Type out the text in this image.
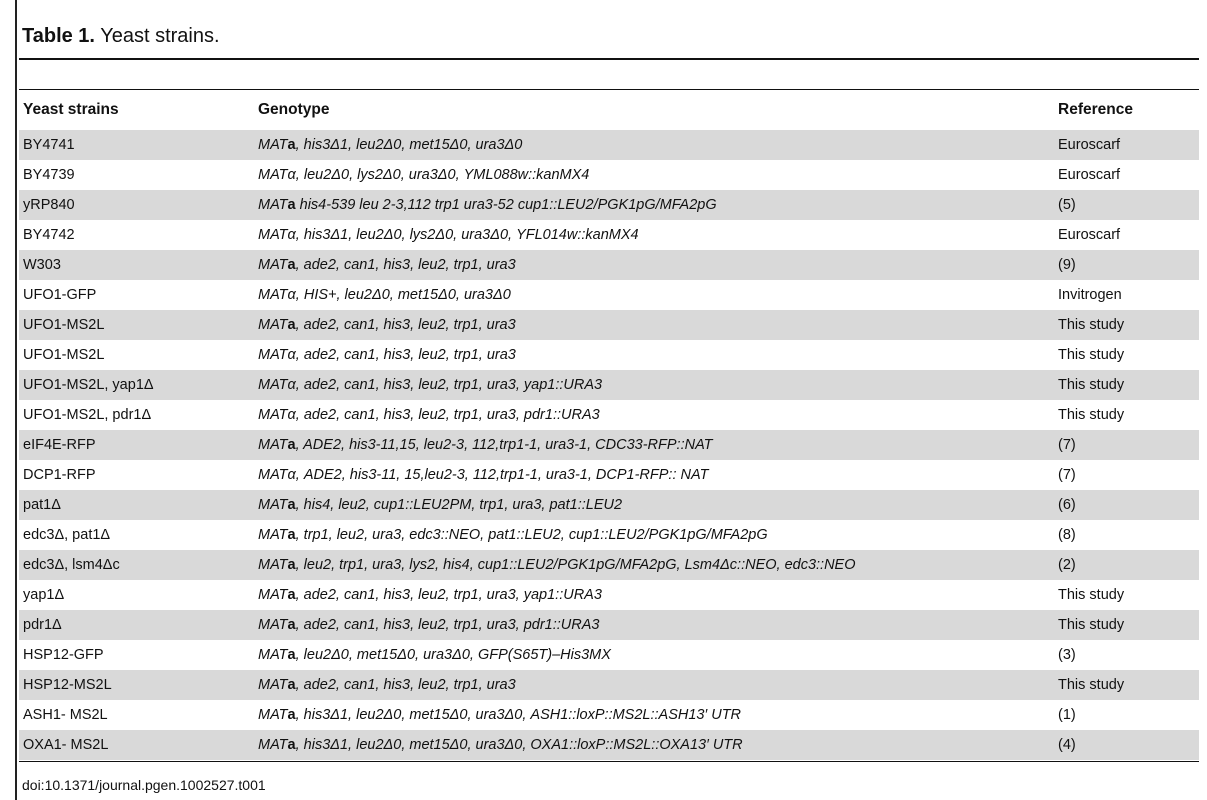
Table 1. Yeast strains.
Yeast strains	Genotype	Reference
BY4741	MATa, his3Δ1, leu2Δ0, met15Δ0, ura3Δ0	Euroscarf
BY4739	MATα, leu2Δ0, lys2Δ0, ura3Δ0, YML088w::kanMX4	Euroscarf
yRP840	MATa his4-539 leu 2-3,112 trp1 ura3-52 cup1::LEU2/PGK1pG/MFA2pG	(5)
BY4742	MATα, his3Δ1, leu2Δ0, lys2Δ0, ura3Δ0, YFL014w::kanMX4	Euroscarf
W303	MATa, ade2, can1, his3, leu2, trp1, ura3	(9)
UFO1-GFP	MATα, HIS+, leu2Δ0, met15Δ0, ura3Δ0	Invitrogen
UFO1-MS2L	MATa, ade2, can1, his3, leu2, trp1, ura3	This study
UFO1-MS2L	MATα, ade2, can1, his3, leu2, trp1, ura3	This study
UFO1-MS2L, yap1Δ	MATα, ade2, can1, his3, leu2, trp1, ura3, yap1::URA3	This study
UFO1-MS2L, pdr1Δ	MATα, ade2, can1, his3, leu2, trp1, ura3, pdr1::URA3	This study
eIF4E-RFP	MATa, ADE2, his3-11,15, leu2-3, 112,trp1-1, ura3-1, CDC33-RFP::NAT	(7)
DCP1-RFP	MATα, ADE2, his3-11, 15,leu2-3, 112,trp1-1, ura3-1, DCP1-RFP:: NAT	(7)
pat1Δ	MATa, his4, leu2, cup1::LEU2PM, trp1, ura3, pat1::LEU2	(6)
edc3Δ, pat1Δ	MATa, trp1, leu2, ura3, edc3::NEO, pat1::LEU2, cup1::LEU2/PGK1pG/MFA2pG	(8)
edc3Δ, lsm4Δc	MATa, leu2, trp1, ura3, lys2, his4, cup1::LEU2/PGK1pG/MFA2pG, Lsm4Δc::NEO, edc3::NEO	(2)
yap1Δ	MATa, ade2, can1, his3, leu2, trp1, ura3, yap1::URA3	This study
pdr1Δ	MATa, ade2, can1, his3, leu2, trp1, ura3, pdr1::URA3	This study
HSP12-GFP	MATa, leu2Δ0, met15Δ0, ura3Δ0, GFP(S65T)–His3MX	(3)
HSP12-MS2L	MATa, ade2, can1, his3, leu2, trp1, ura3	This study
ASH1- MS2L	MATa, his3Δ1, leu2Δ0, met15Δ0, ura3Δ0, ASH1::loxP::MS2L::ASH13′ UTR	(1)
OXA1- MS2L	MATa, his3Δ1, leu2Δ0, met15Δ0, ura3Δ0, OXA1::loxP::MS2L::OXA13′ UTR	(4)
doi:10.1371/journal.pgen.1002527.t001
